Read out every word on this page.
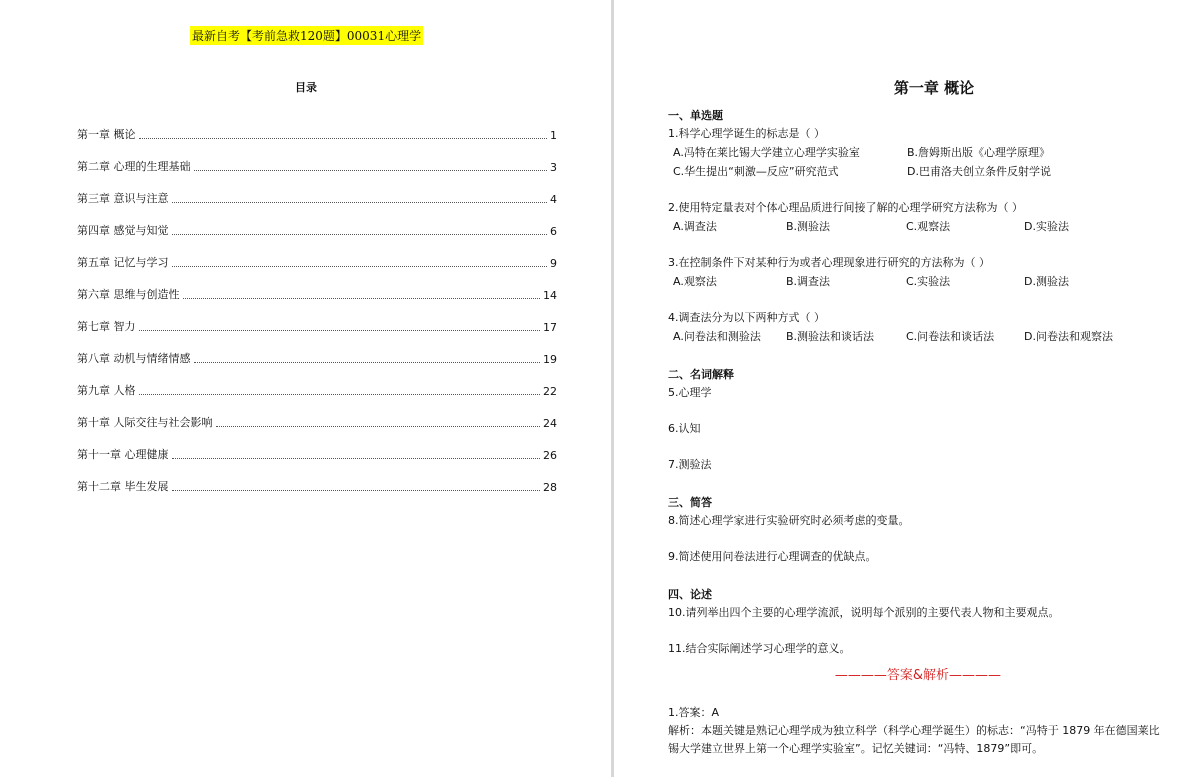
最新自考【考前急救120题】00031心理学
目录
第一章 概论	1
第二章 心理的生理基础	3
第三章 意识与注意	4
第四章 感觉与知觉	6
第五章 记忆与学习	9
第六章 思维与创造性	14
第七章 智力	17
第八章 动机与情绪情感	19
第九章 人格	22
第十章 人际交往与社会影响	24
第十一章 心理健康	26
第十二章 毕生发展	28
第一章 概论
一、单选题
1.科学心理学诞生的标志是（ ）
A.冯特在莱比锡大学建立心理学实验室	B.詹姆斯出版《心理学原理》
C.华生提出“刺激—反应”研究范式	D.巴甫洛夫创立条件反射学说
2.使用特定量表对个体心理品质进行间接了解的心理学研究方法称为（ ）
A.调查法	B.测验法	C.观察法	D.实验法
3.在控制条件下对某种行为或者心理现象进行研究的方法称为（ ）
A.观察法	B.调查法	C.实验法	D.测验法
4.调查法分为以下两种方式（ ）
A.问卷法和测验法	B.测验法和谈话法	C.问卷法和谈话法	D.问卷法和观察法
二、名词解释
5.心理学
6.认知
7.测验法
三、简答
8.简述心理学家进行实验研究时必须考虑的变量。
9.简述使用问卷法进行心理调查的优缺点。
四、论述
10.请列举出四个主要的心理学流派，说明每个派别的主要代表人物和主要观点。
11.结合实际阐述学习心理学的意义。
————答案&解析————
1.答案：A
解析：本题关键是熟记心理学成为独立科学（科学心理学诞生）的标志：“冯特于 1879 年在德国莱比锡大学建立世界上第一个心理学实验室”。记忆关键词：“冯特、1879”即可。
